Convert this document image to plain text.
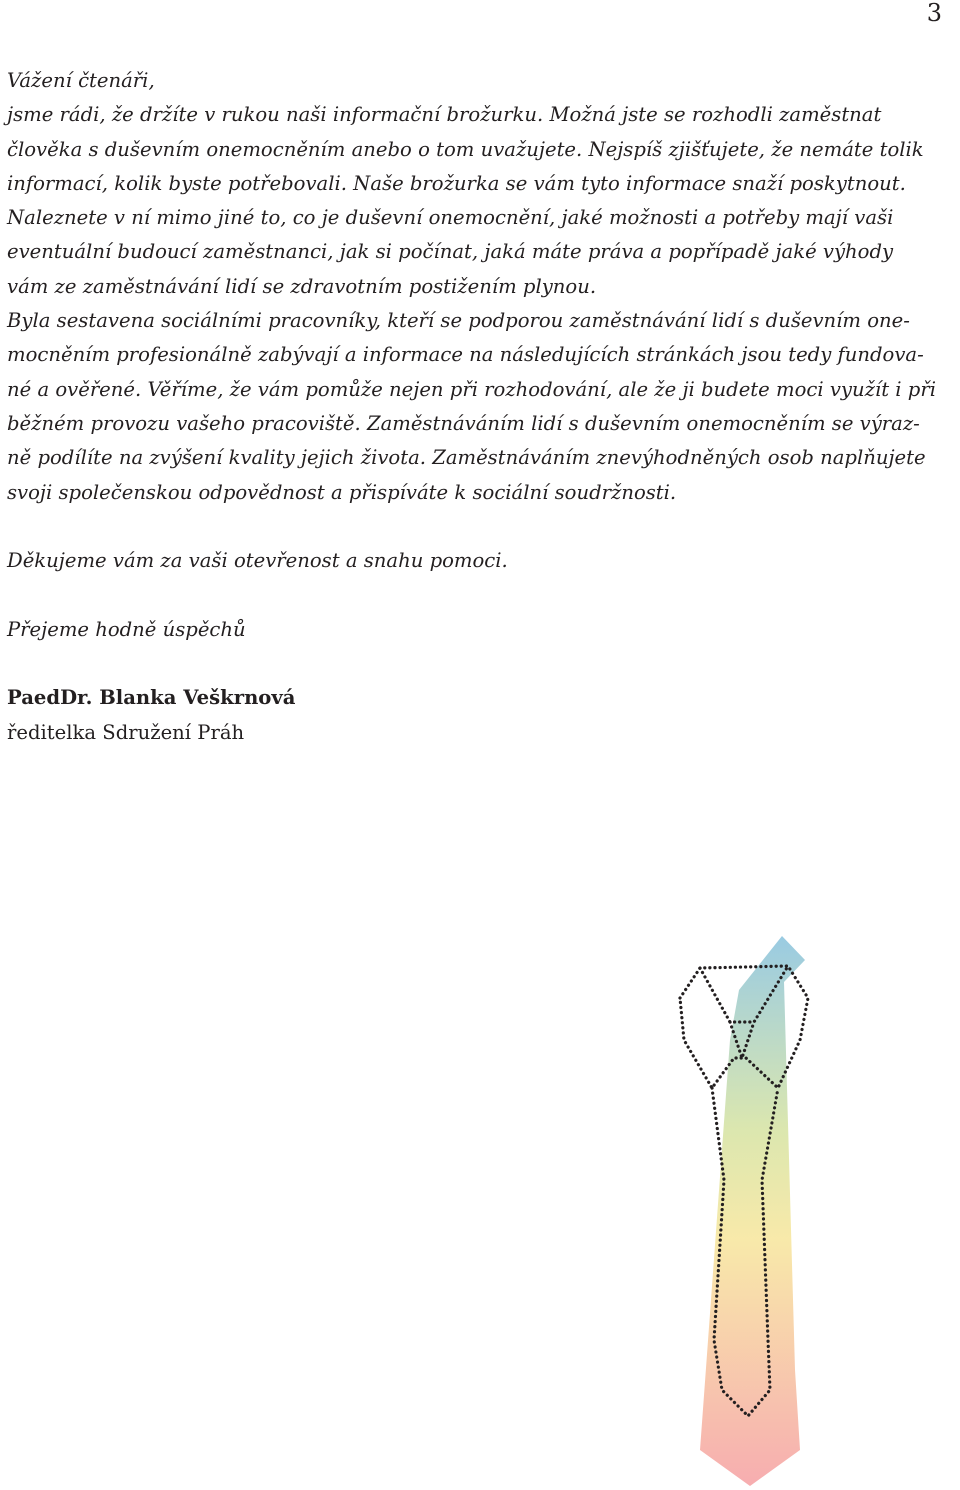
3

Vážení čtenáři,

jsme rádi, že držíte v rukou naši informační brožurku. Možná jste se rozhodli zaměstnat

člověka s duševním onemocněním anebo o tom uvažujete. Nejspíš zjišťujete, že nemáte tolik

informací, kolik byste potřebovali. Naše brožurka se vám tyto informace snaží poskytnout.

Naleznete v ní mimo jiné to, co je duševní onemocnění, jaké možnosti a potřeby mají vaši

eventuální budoucí zaměstnanci, jak si počínat, jaká máte práva a popřípadě jaké výhody

vám ze zaměstnávání lidí se zdravotním postižením plynou.

Byla sestavena sociálními pracovníky, kteří se podporou zaměstnávání lidí s duševním one-

mocněním profesionálně zabývají a informace na následujících stránkách jsou tedy fundova-

né a ověřené. Věříme, že vám pomůže nejen při rozhodování, ale že ji budete moci využít i při

běžném provozu vašeho pracoviště. Zaměstnáváním lidí s duševním onemocněním se výraz-

ně podílíte na zvýšení kvality jejich života. Zaměstnáváním znevýhodněných osob naplňujete

svoji společenskou odpovědnost a přispíváte k sociální soudržnosti.

Děkujeme vám za vaši otevřenost a snahu pomoci.

Přejeme hodně úspěchů

PaedDr. Blanka Veškrnová

ředitelka Sdružení Práh
